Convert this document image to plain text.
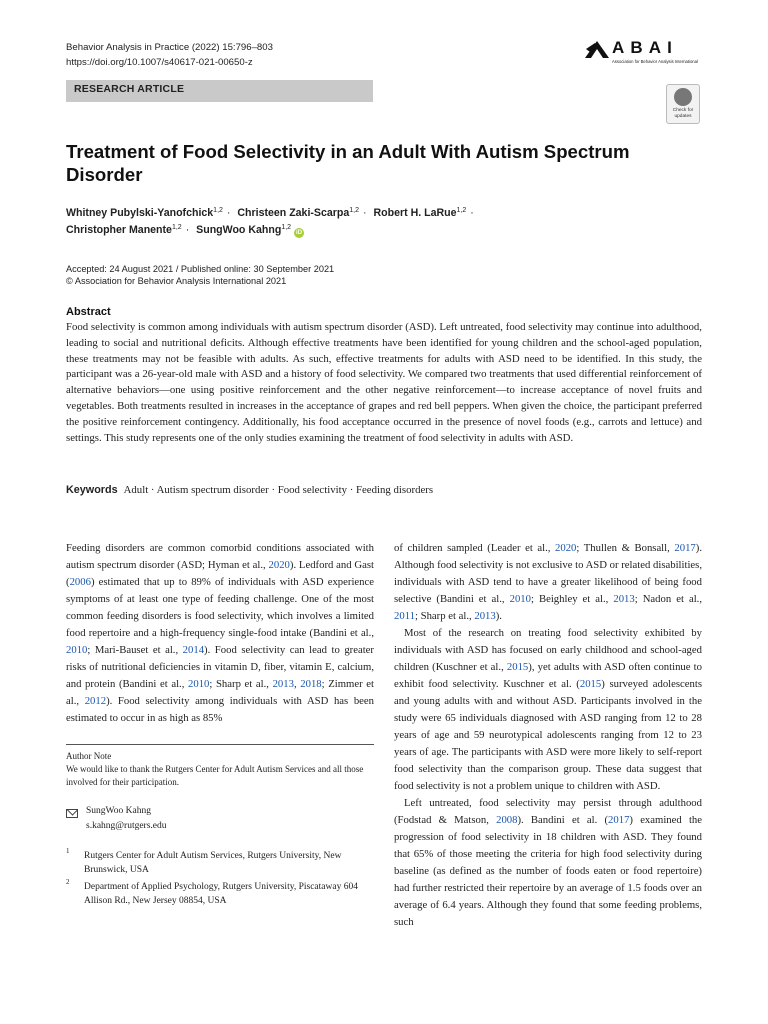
Behavior Analysis in Practice (2022) 15:796–803
https://doi.org/10.1007/s40617-021-00650-z
A B A I
Association for Behavior Analysis International
RESEARCH ARTICLE
Check for updates
Treatment of Food Selectivity in an Adult With Autism Spectrum Disorder
Whitney Pubylski-Yanofchick$^{1,2}$ · Christeen Zaki-Scarpa$^{1,2}$ · Robert H. LaRue$^{1,2}$ ·
Christopher Manente$^{1,2}$ · SungWoo Kahng$^{1,2}$iD
Accepted: 24 August 2021 / Published online: 30 September 2021
© Association for Behavior Analysis International 2021
Abstract

Food selectivity is common among individuals with autism spectrum disorder (ASD). Left untreated, food selectivity may continue into adulthood, leading to social and nutritional deficits. Although effective treatments have been identified for young children and the school-aged population, these treatments may not be feasible with adults. As such, effective treatments for adults with ASD need to be identified. In this study, the participant was a 26-year-old male with ASD and a history of food selectivity. We compared two treatments that used differential reinforcement of alternative behaviors—one using positive reinforcement and the other negative reinforcement—to increase acceptance of novel fruits and vegetables. Both treatments resulted in increases in the acceptance of grapes and red bell peppers. When given the choice, the participant preferred the positive reinforcement contingency. Additionally, his food acceptance occurred in the presence of novel foods (e.g., carrots and lettuce) and settings. This study represents one of the only studies examining the treatment of food selectivity in adults with ASD.

Keywords Adult · Autism spectrum disorder · Food selectivity · Feeding disorders

Feeding disorders are common comorbid conditions associated with autism spectrum disorder (ASD; Hyman et al., 2020). Ledford and Gast (2006) estimated that up to 89% of individuals with ASD experience symptoms of at least one type of feeding challenge. One of the most common feeding disorders is food selectivity, which involves a limited food repertoire and a high-frequency single-food intake (Bandini et al., 2010; Mari-Bauset et al., 2014). Food selectivity can lead to greater risks of nutritional deficiencies in vitamin D, fiber, vitamin E, calcium, and protein (Bandini et al., 2010; Sharp et al., 2013, 2018; Zimmer et al., 2012). Food selectivity among individuals with ASD has been estimated to occur in as high as 85%

of children sampled (Leader et al., 2020; Thullen & Bonsall, 2017). Although food selectivity is not exclusive to ASD or related disabilities, individuals with ASD tend to have a greater likelihood of being food selective (Bandini et al., 2010; Beighley et al., 2013; Nadon et al., 2011; Sharp et al., 2013).

Most of the research on treating food selectivity exhibited by individuals with ASD has focused on early childhood and school-aged children (Kuschner et al., 2015), yet adults with ASD often continue to exhibit food selectivity. Kuschner et al. (2015) surveyed adolescents and young adults with and without ASD. Participants involved in the study were 65 individuals diagnosed with ASD ranging from 12 to 28 years of age and 59 neurotypical adolescents ranging from 12 to 23 years of age. The participants with ASD were more likely to self-report food selectivity than the comparison group. These data suggest that food selectivity is not a problem unique to children with ASD.

Left untreated, food selectivity may persist through adulthood (Fodstad & Matson, 2008). Bandini et al. (2017) examined the progression of food selectivity in 18 children with ASD. They found that 65% of those meeting the criteria for high food selectivity during baseline (as defined as the number of foods eaten or food repertoire) had further restricted their repertoire by an average of 1.5 foods over an average of 6.4 years. Although they found that some feeding problems, such

Author Note

We would like to thank the Rutgers Center for Adult Autism Services and all those involved for their participation.

SungWoo Kahng
s.kahng@rutgers.edu
1 Rutgers Center for Adult Autism Services, Rutgers University, New Brunswick, USA

2 Department of Applied Psychology, Rutgers University, Piscataway 604 Allison Rd., New Jersey 08854, USA
